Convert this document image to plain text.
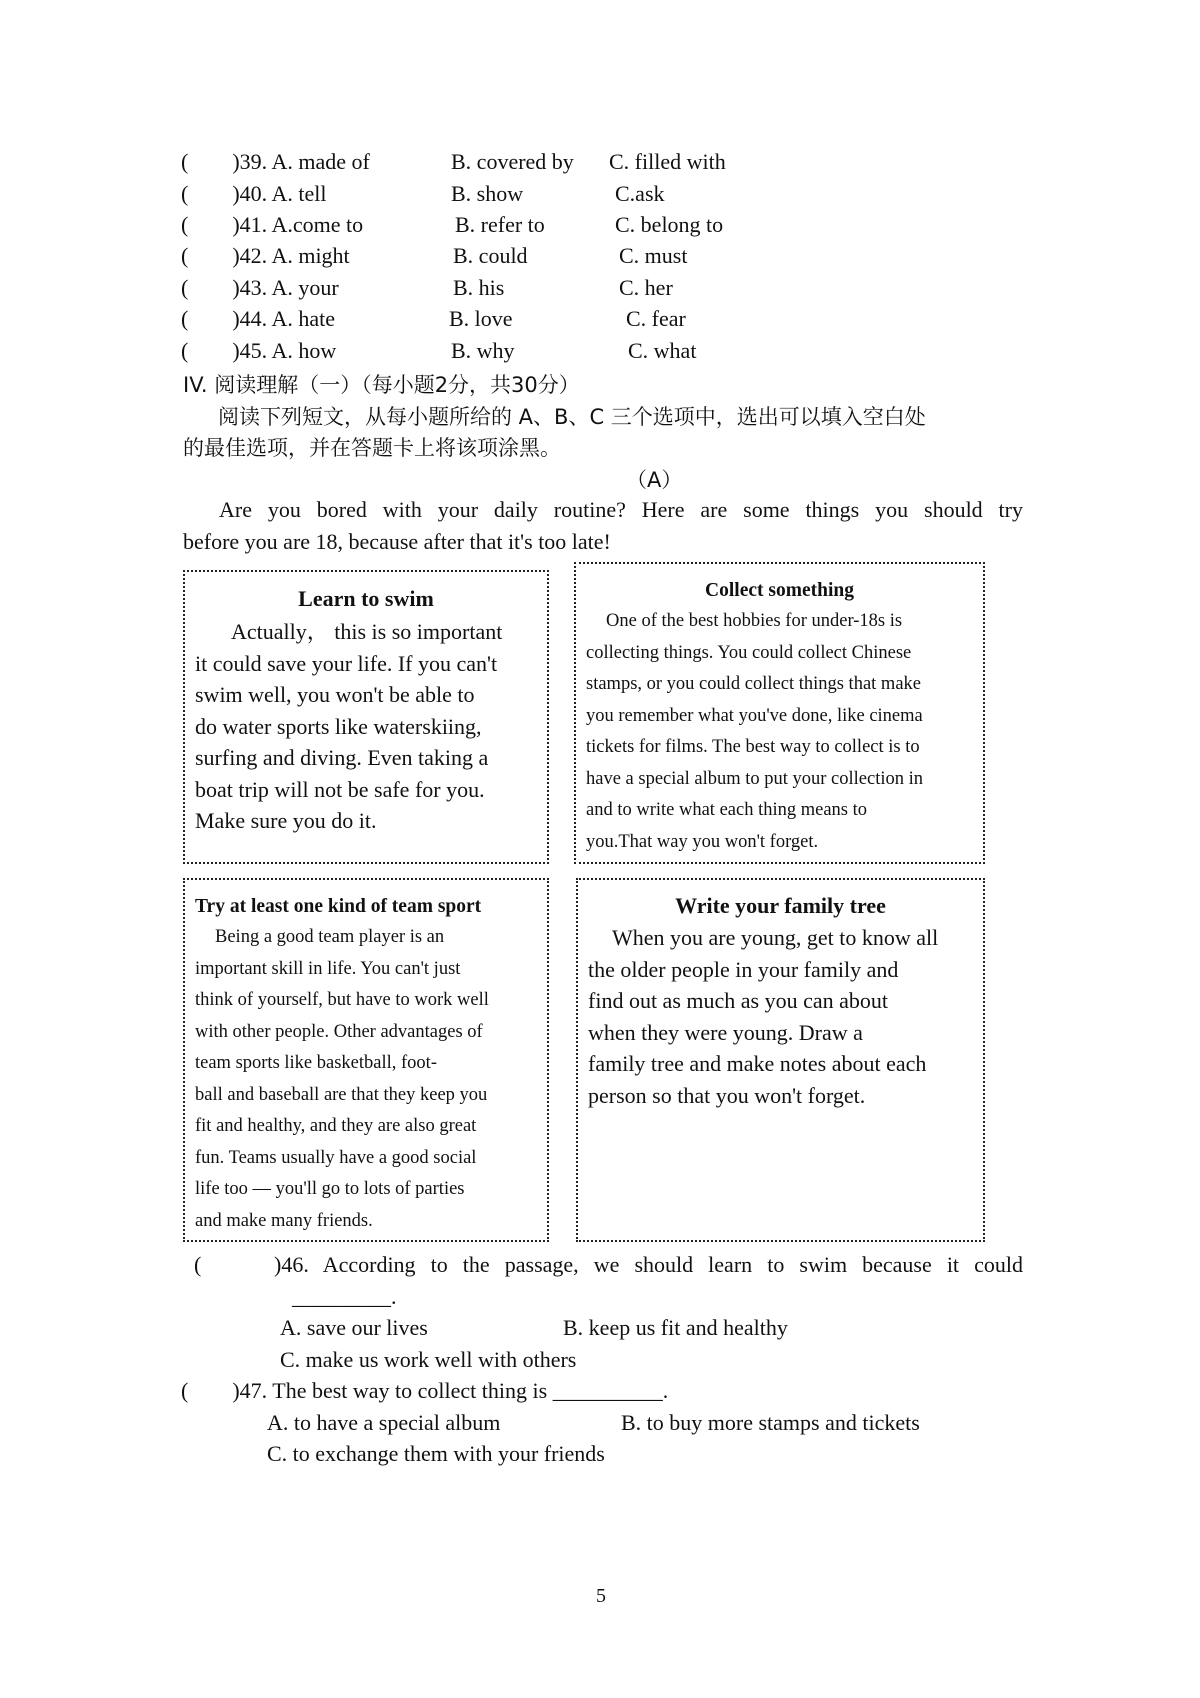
(　　)39. A. made of	B. covered by C. filled with
(　　)40. A. tell	B. show	C.ask
(　　)41. A.come to	B. refer to	C. belong to
(　　)42. A. might	B. could	C. must
(　　)43. A. your	B. his	C. her
(　　)44. A. hate	B. love	C. fear
(　　)45. A. how	B. why	C. what
IV. 阅读理解（一）（每小题2分，共30分）
阅读下列短文，从每小题所给的 A、B、C 三个选项中，选出可以填入空白处
的最佳选项，并在答题卡上将该项涂黑。
（A）
Are you bored with your daily routine? Here are some things you should try
before you are 18, because after that it's too late!
Learn to swim

Actually， this is so important

it could save your life. If you can't

swim well, you won't be able to

do water sports like waterskiing,

surfing and diving. Even taking a

boat trip will not be safe for you.

Make sure you do it.

Collect something

One of the best hobbies for under-18s is

collecting things. You could collect Chinese

stamps, or you could collect things that make

you remember what you've done, like cinema

tickets for films. The best way to collect is to

have a special album to put your collection in

and to write what each thing means to

you.That way you won't forget.

Try at least one kind of team sport

Being a good team player is an

important skill in life. You can't just

think of yourself, but have to work well

with other people. Other advantages of

team sports like basketball, foot-

ball and baseball are that they keep you

fit and healthy, and they are also great

fun. Teams usually have a good social

life too — you'll go to lots of parties

and make many friends.

Write your family tree

When you are young, get to know all

the older people in your family and

find out as much as you can about

when they were young. Draw a

family tree and make notes about each

person so that you won't forget.

(　　)46. According to the passage, we should learn to swim because it could
_________.
A. save our lives	B. keep us fit and healthy
C. make us work well with others
(　　)47. The best way to collect thing is __________.
A. to have a special album	B. to buy more stamps and tickets
C. to exchange them with your friends
5
